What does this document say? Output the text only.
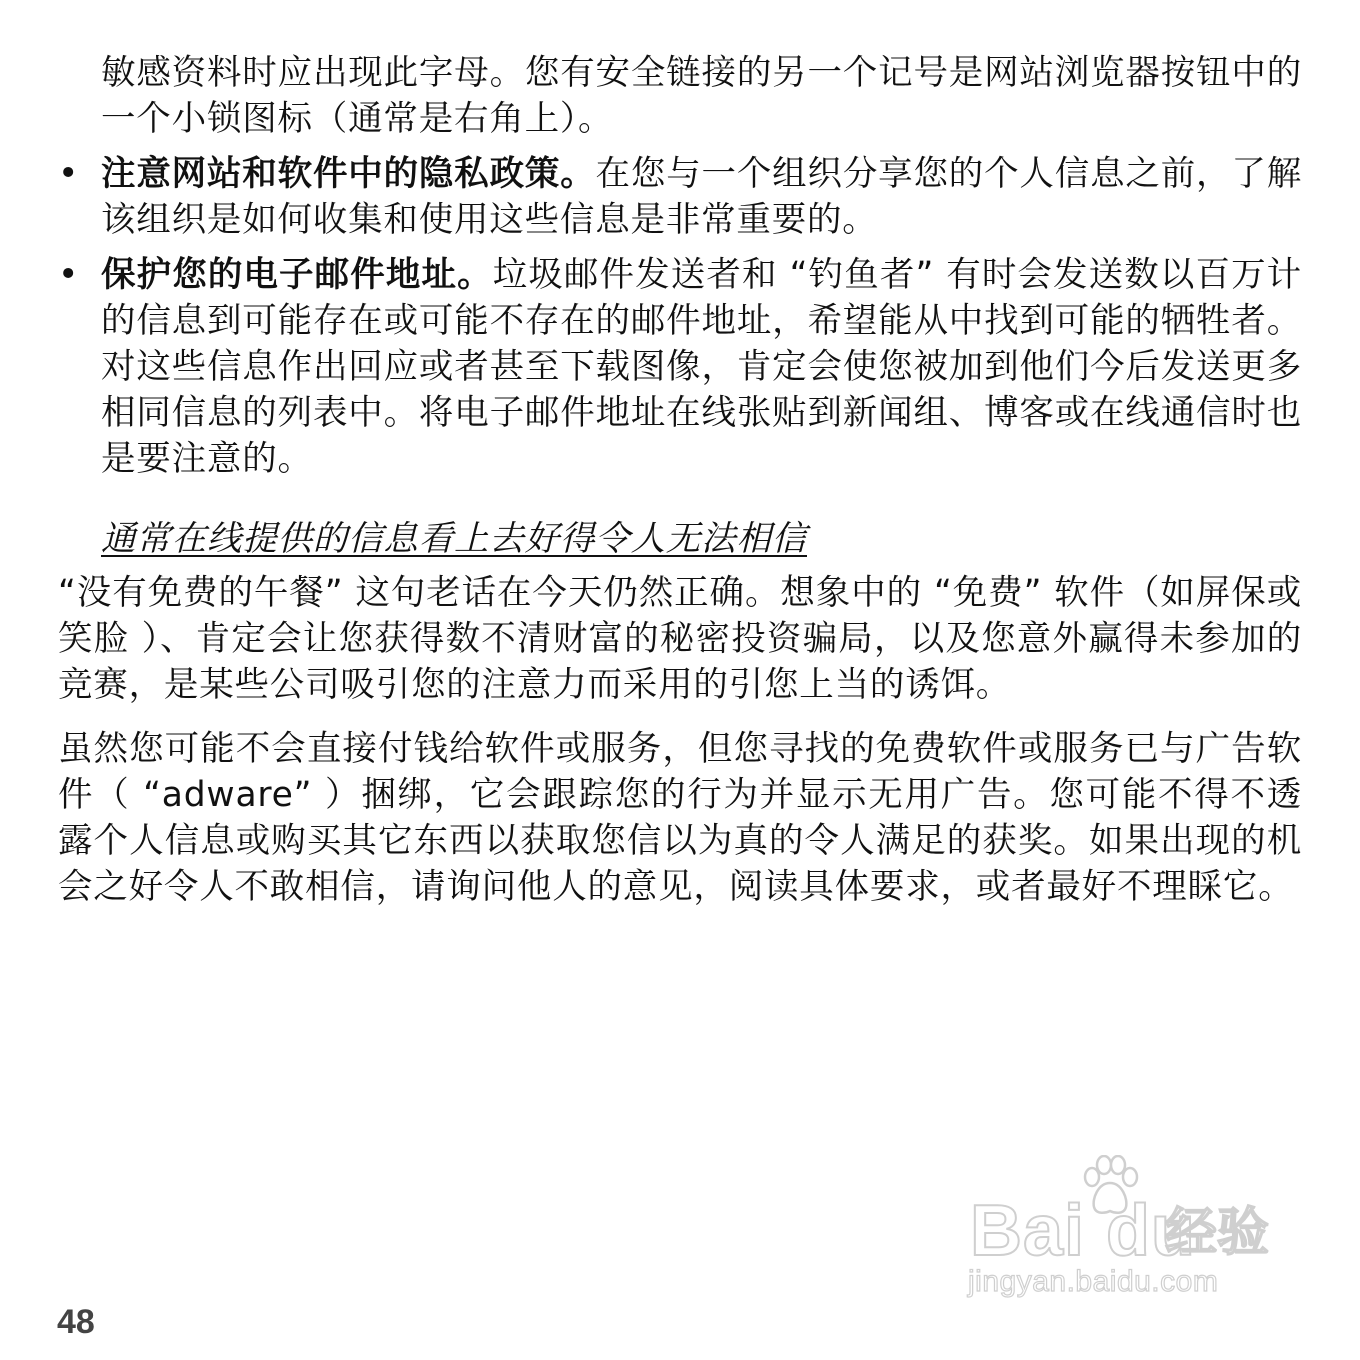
敏感资料时应出现此字母。您有安全链接的另一个记号是网站浏览器按钮中的一个小锁图标（通常是右角上）。
• 注意网站和软件中的隐私政策。在您与一个组织分享您的个人信息之前，了解该组织是如何收集和使用这些信息是非常重要的。
• 保护您的电子邮件地址。垃圾邮件发送者和 “钓鱼者” 有时会发送数以百万计的信息到可能存在或可能不存在的邮件地址，希望能从中找到可能的牺牲者。对这些信息作出回应或者甚至下载图像，肯定会使您被加到他们今后发送更多相同信息的列表中。将电子邮件地址在线张贴到新闻组、博客或在线通信时也是要注意的。
通常在线提供的信息看上去好得令人无法相信
“没有免费的午餐” 这句老话在今天仍然正确。想象中的 “免费” 软件（如屏保或笑脸 ）、肯定会让您获得数不清财富的秘密投资骗局，以及您意外赢得未参加的竞赛，是某些公司吸引您的注意力而采用的引您上当的诱饵。
虽然您可能不会直接付钱给软件或服务，但您寻找的免费软件或服务已与广告软件（ “adware” ）捆绑，它会跟踪您的行为并显示无用广告。您可能不得不透露个人信息或购买其它东西以获取您信以为真的令人满足的获奖。如果出现的机会之好令人不敢相信，请询问他人的意见，阅读具体要求，或者最好不理睬它。
48
Bai du
经验
jingyan.baidu.com
